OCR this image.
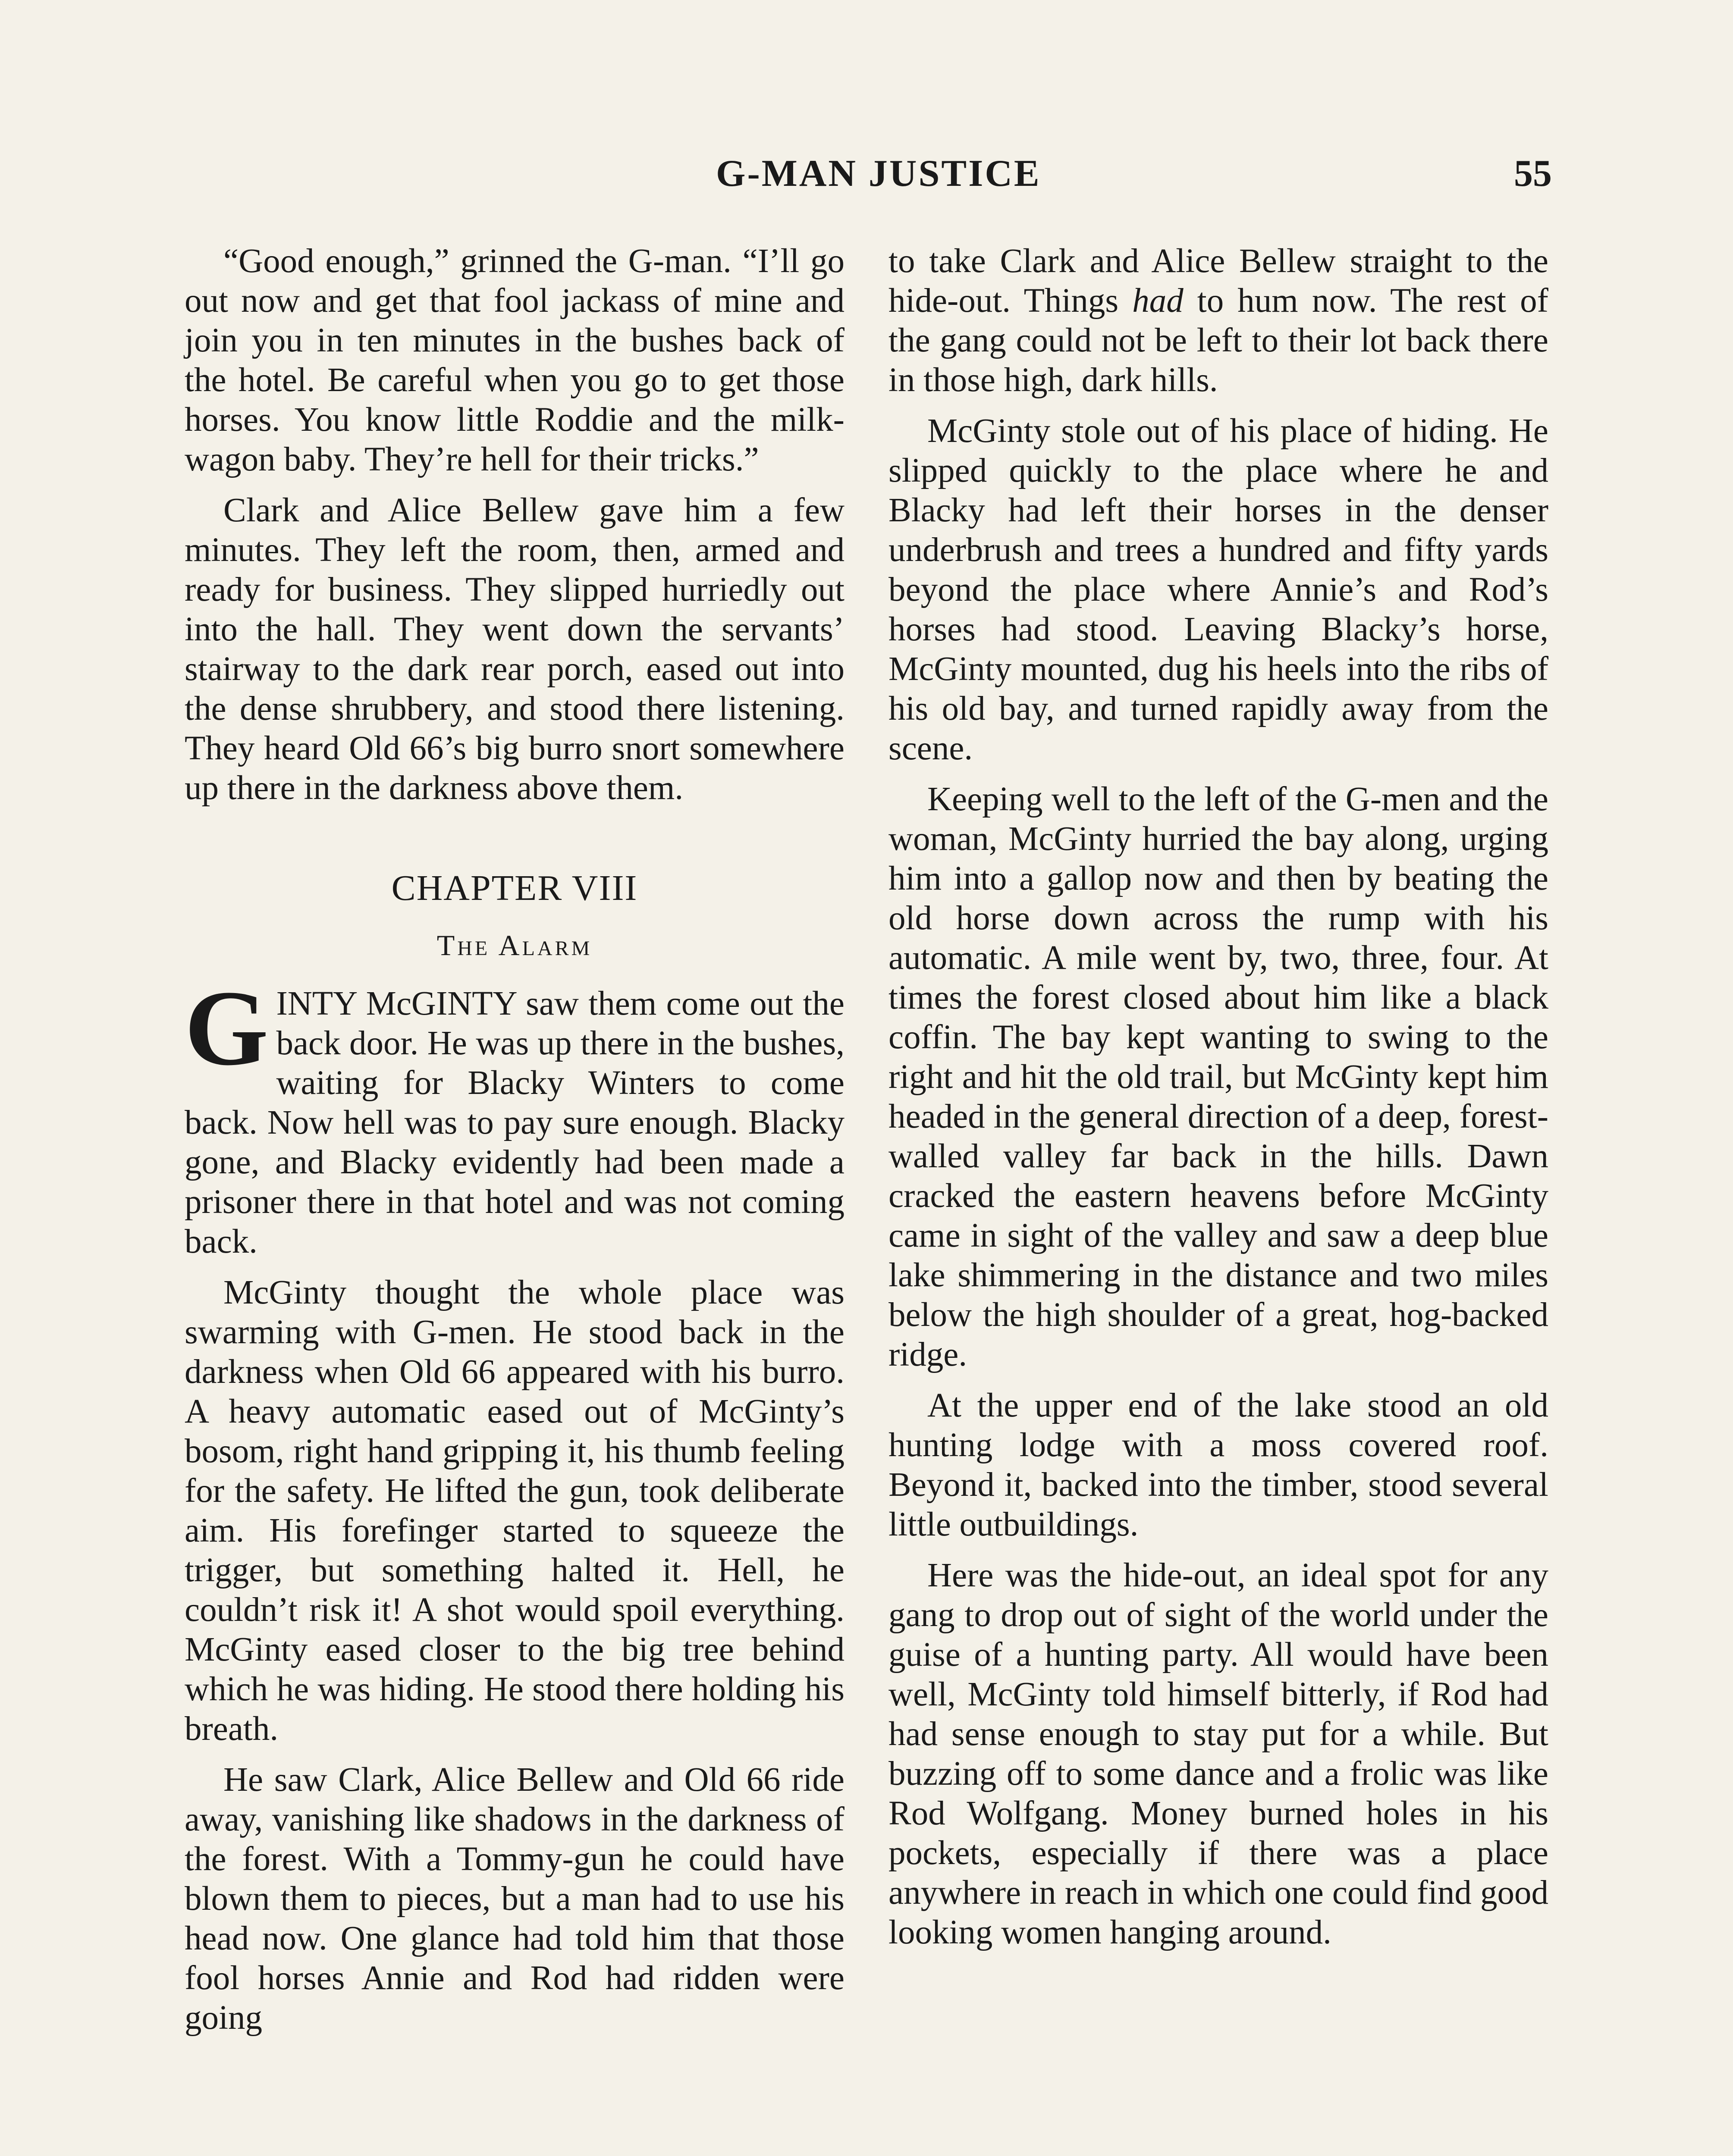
G-MAN JUSTICE	55

“Good enough,” grinned the G-man. “I’ll go out now and get that fool jackass of mine and join you in ten minutes in the bushes back of the hotel. Be careful when you go to get those horses. You know little Roddie and the milk-wagon baby. They’re hell for their tricks.”

Clark and Alice Bellew gave him a few minutes. They left the room, then, armed and ready for business. They slipped hurriedly out into the hall. They went down the servants’ stairway to the dark rear porch, eased out into the dense shrubbery, and stood there listening. They heard Old 66’s big burro snort somewhere up there in the darkness above them.

CHAPTER VIII
The Alarm

GINTY McGINTY saw them come out the back door. He was up there in the bushes, waiting for Blacky Winters to come back. Now hell was to pay sure enough. Blacky gone, and Blacky evidently had been made a prisoner there in that hotel and was not coming back.

McGinty thought the whole place was swarming with G-men. He stood back in the darkness when Old 66 appeared with his burro. A heavy automatic eased out of McGinty’s bosom, right hand gripping it, his thumb feeling for the safety. He lifted the gun, took deliberate aim. His forefinger started to squeeze the trigger, but something halted it. Hell, he couldn’t risk it! A shot would spoil everything. McGinty eased closer to the big tree behind which he was hiding. He stood there holding his breath.

He saw Clark, Alice Bellew and Old 66 ride away, vanishing like shadows in the darkness of the forest. With a Tommy-gun he could have blown them to pieces, but a man had to use his head now. One glance had told him that those fool horses Annie and Rod had ridden were going

to take Clark and Alice Bellew straight to the hide-out. Things had to hum now. The rest of the gang could not be left to their lot back there in those high, dark hills.

McGinty stole out of his place of hiding. He slipped quickly to the place where he and Blacky had left their horses in the denser underbrush and trees a hundred and fifty yards beyond the place where Annie’s and Rod’s horses had stood. Leaving Blacky’s horse, McGinty mounted, dug his heels into the ribs of his old bay, and turned rapidly away from the scene.

Keeping well to the left of the G-men and the woman, McGinty hurried the bay along, urging him into a gallop now and then by beating the old horse down across the rump with his automatic. A mile went by, two, three, four. At times the forest closed about him like a black coffin. The bay kept wanting to swing to the right and hit the old trail, but McGinty kept him headed in the general direction of a deep, forest-walled valley far back in the hills. Dawn cracked the eastern heavens before McGinty came in sight of the valley and saw a deep blue lake shimmering in the distance and two miles below the high shoulder of a great, hog-backed ridge.

At the upper end of the lake stood an old hunting lodge with a moss covered roof. Beyond it, backed into the timber, stood several little outbuildings.

Here was the hide-out, an ideal spot for any gang to drop out of sight of the world under the guise of a hunting party. All would have been well, McGinty told himself bitterly, if Rod had had sense enough to stay put for a while. But buzzing off to some dance and a frolic was like Rod Wolfgang. Money burned holes in his pockets, especially if there was a place anywhere in reach in which one could find good looking women hanging around.
